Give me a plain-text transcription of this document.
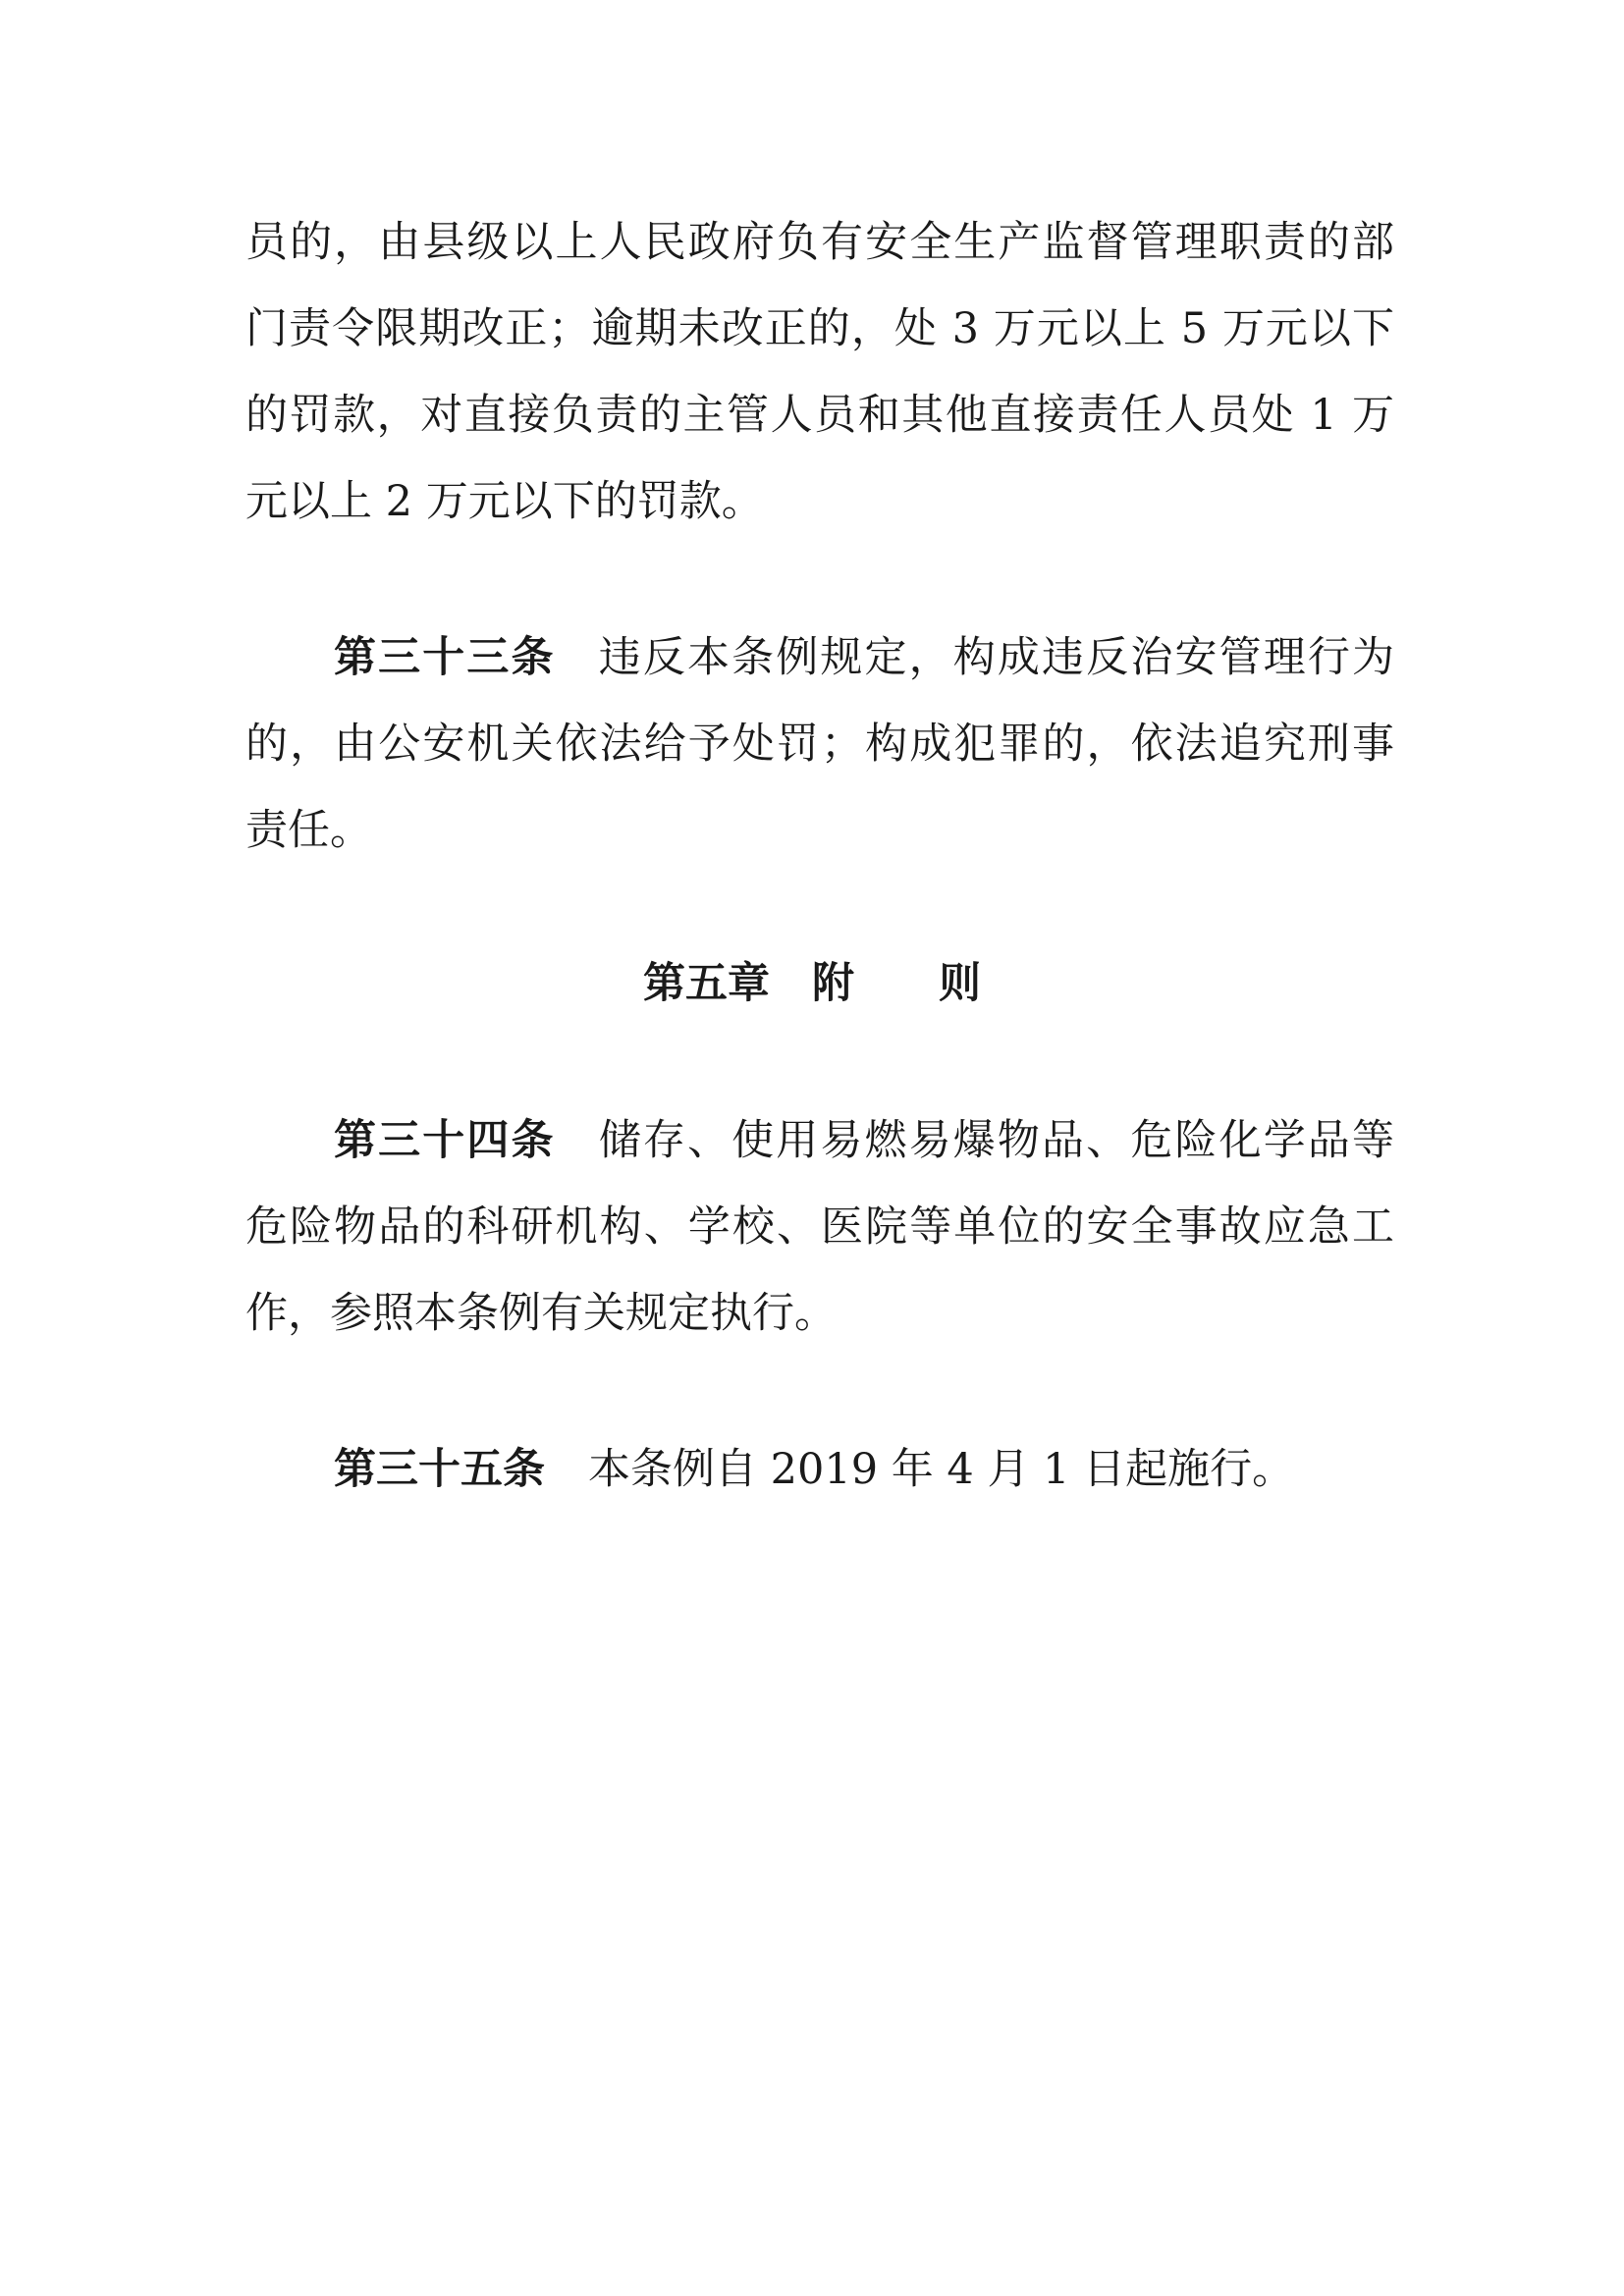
员的，由县级以上人民政府负有安全生产监督管理职责的部
门责令限期改正；逾期未改正的，处 3 万元以上 5 万元以下
的罚款，对直接负责的主管人员和其他直接责任人员处 1 万
元以上 2 万元以下的罚款。
第三十三条 违反本条例规定，构成违反治安管理行为
的，由公安机关依法给予处罚；构成犯罪的，依法追究刑事
责任。
第五章　附　　则
第三十四条 储存、使用易燃易爆物品、危险化学品等
危险物品的科研机构、学校、医院等单位的安全事故应急工
作，参照本条例有关规定执行。
第三十五条 本条例自 2019 年 4 月 1 日起施行。
